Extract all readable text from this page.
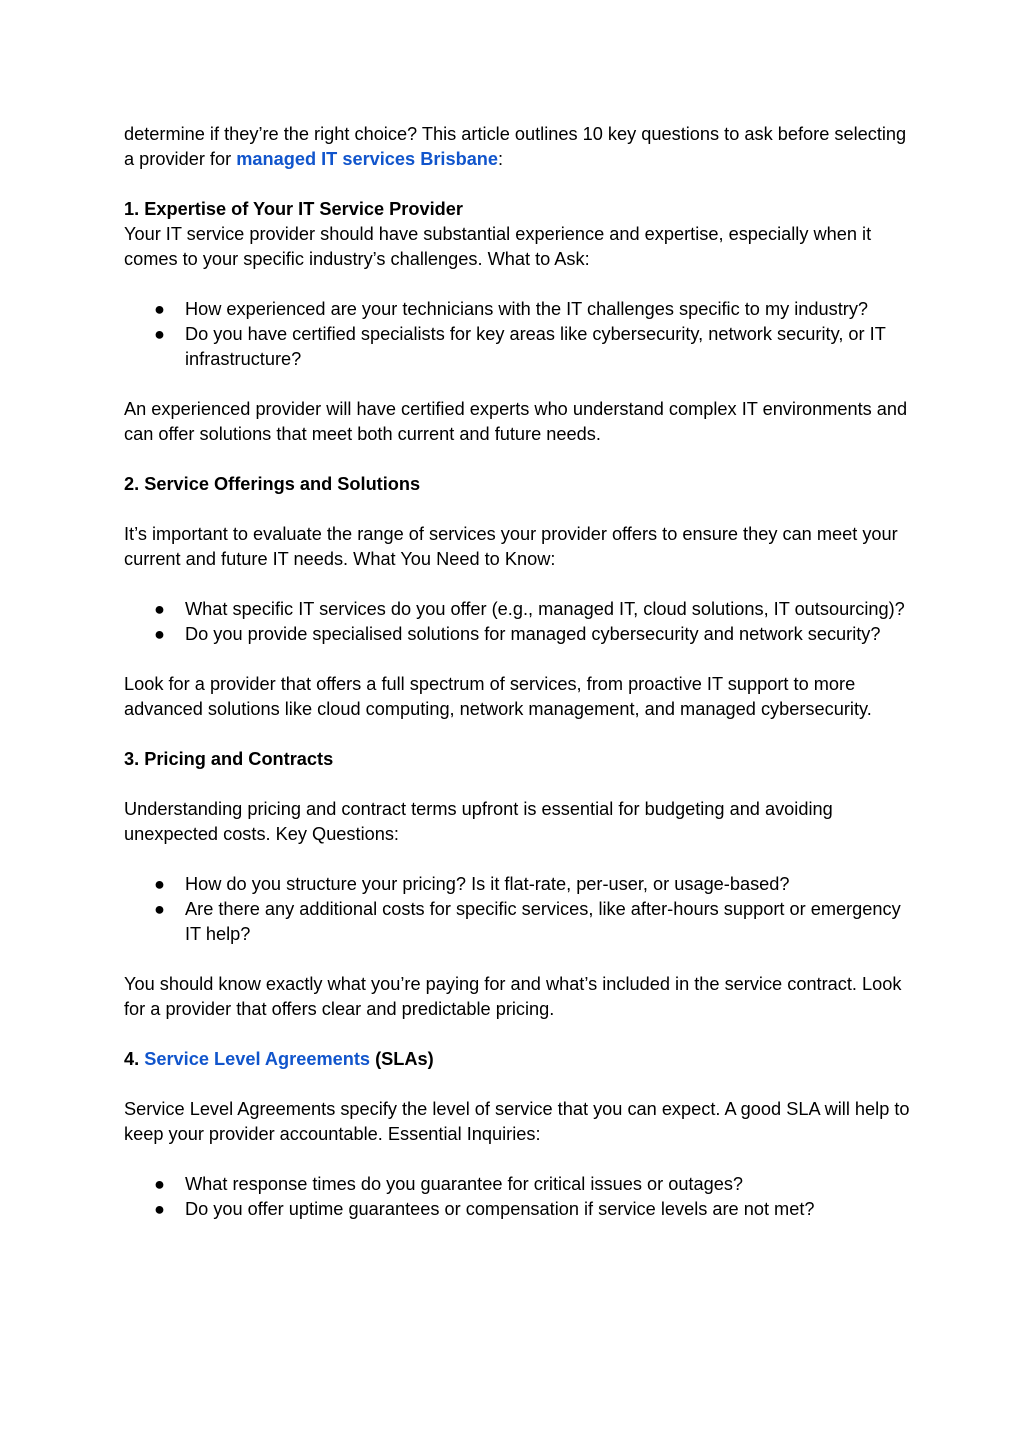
determine if they’re the right choice? This article outlines 10 key questions to ask before selecting a provider for managed IT services Brisbane:

1. Expertise of Your IT Service Provider

Your IT service provider should have substantial experience and expertise, especially when it comes to your specific industry’s challenges. What to Ask:

● How experienced are your technicians with the IT challenges specific to my industry?
● Do you have certified specialists for key areas like cybersecurity, network security, or IT infrastructure?

An experienced provider will have certified experts who understand complex IT environments and can offer solutions that meet both current and future needs.

2. Service Offerings and Solutions

It’s important to evaluate the range of services your provider offers to ensure they can meet your current and future IT needs. What You Need to Know:

● What specific IT services do you offer (e.g., managed IT, cloud solutions, IT outsourcing)?
● Do you provide specialised solutions for managed cybersecurity and network security?

Look for a provider that offers a full spectrum of services, from proactive IT support to more advanced solutions like cloud computing, network management, and managed cybersecurity.

3. Pricing and Contracts

Understanding pricing and contract terms upfront is essential for budgeting and avoiding unexpected costs. Key Questions:

● How do you structure your pricing? Is it flat-rate, per-user, or usage-based?
● Are there any additional costs for specific services, like after-hours support or emergency IT help?

You should know exactly what you’re paying for and what’s included in the service contract. Look for a provider that offers clear and predictable pricing.

4. Service Level Agreements (SLAs)

Service Level Agreements specify the level of service that you can expect. A good SLA will help to keep your provider accountable. Essential Inquiries:

● What response times do you guarantee for critical issues or outages?
● Do you offer uptime guarantees or compensation if service levels are not met?
